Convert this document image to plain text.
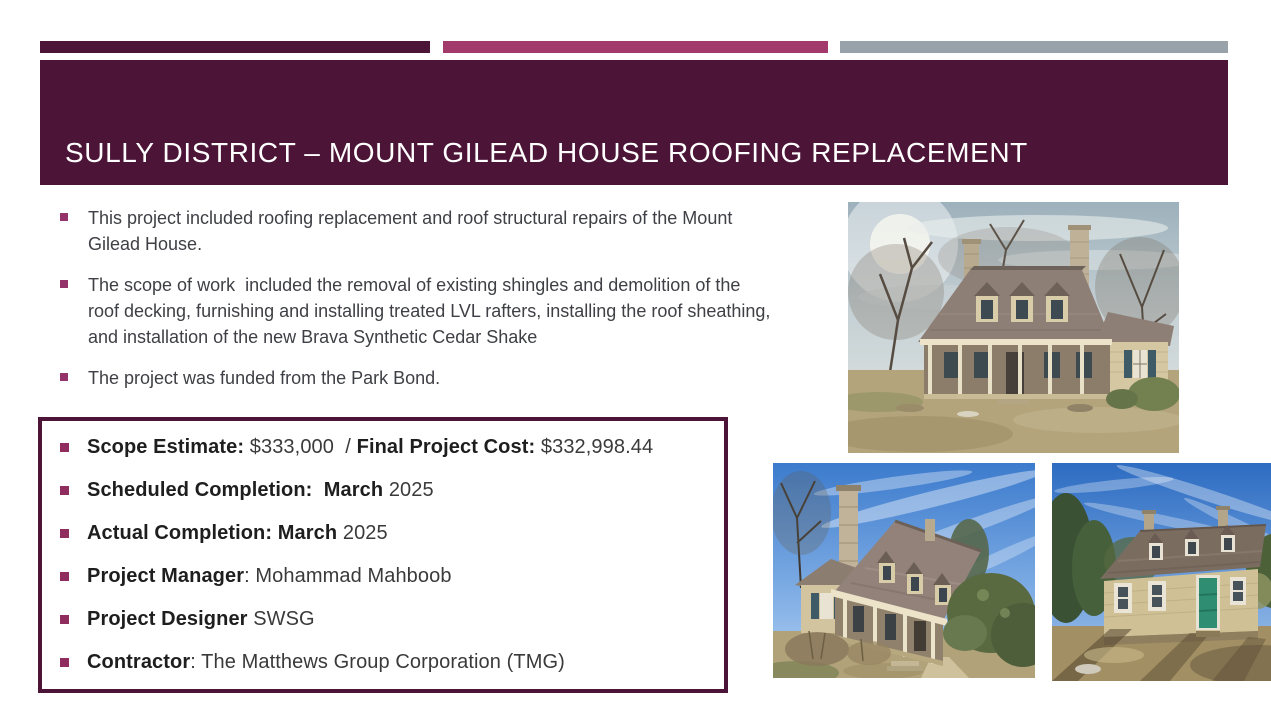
SULLY DISTRICT – MOUNT GILEAD HOUSE ROOFING REPLACEMENT

This project included roofing replacement and roof structural repairs of the Mount Gilead House.

The scope of work  included the removal of existing shingles and demolition of the roof decking, furnishing and installing treated LVL rafters, installing the roof sheathing, and installation of the new Brava Synthetic Cedar Shake

The project was funded from the Park Bond.

Scope Estimate: $333,000  / Final Project Cost: $332,998.44

Scheduled Completion:  March 2025

Actual Completion: March 2025

Project Manager: Mohammad Mahboob

Project Designer SWSG

Contractor: The Matthews Group Corporation (TMG)
